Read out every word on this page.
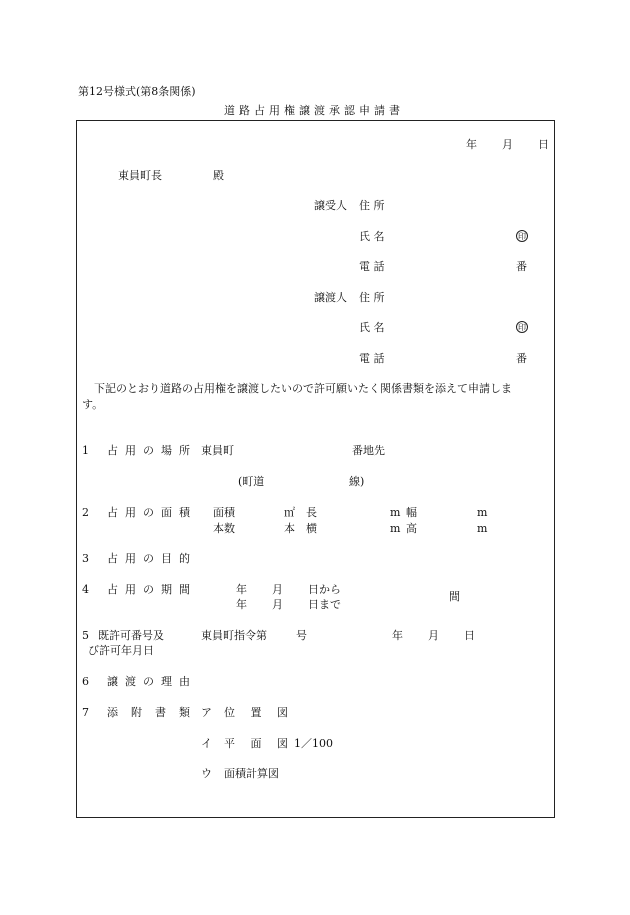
第12号様式(第8条関係)
道路占用権譲渡承認申請書
年 月 日
東員町長	殿
譲受人 住 所
氏 名	印
電 話	番
譲渡人 住 所
氏 名	印
電 話	番
下記のとおり道路の占用権を譲渡したいので許可願いたく関係書類を添えて申請しま
す。
1 占用の場所 東員町	番地先
(町道	線)
2 占用の面積 面積	㎡ 長	m 幅	m
本数	本 横	m 高	m
3 占用の目的
4 占用の期間	年 月 日から
年 月 日まで
間
5 既許可番号及
び許可年月日
東員町指令第	号	年 月 日
6 譲渡の理由
7 添附書類
ア 位 置 図
イ 平 面 図 1／100
ウ 面積計算図
